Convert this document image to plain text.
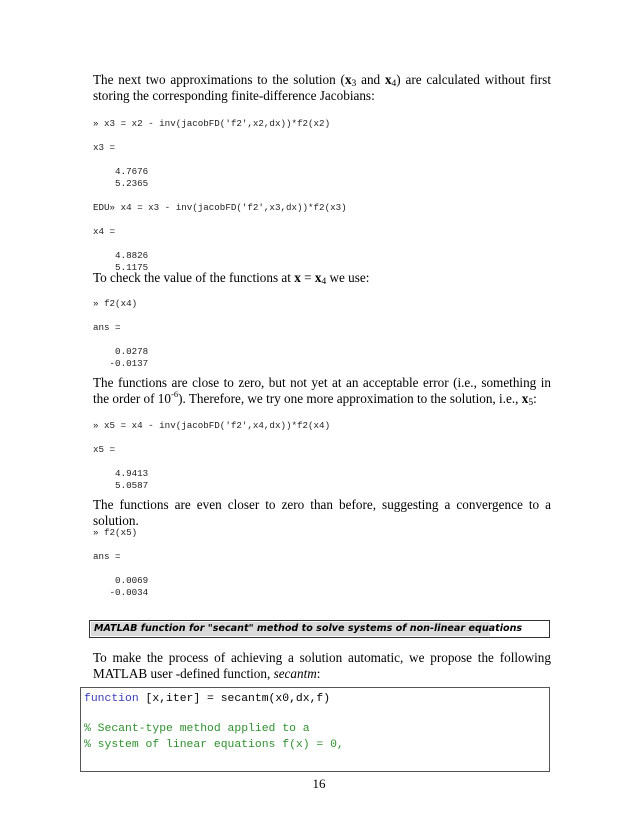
The next two approximations to the solution ($x_3$ and $x_4$) are calculated without first storing the corresponding finite-difference Jacobians:
» x3 = x2 - inv(jacobFD('f2',x2,dx))*f2(x2)

x3 =

4.7676
5.2365

EDU» x4 = x3 - inv(jacobFD('f2',x3,dx))*f2(x3)

x4 =

4.8826
5.1175
To check the value of the functions at $x = x_4$ we use:
» f2(x4)

ans =

0.0278
-0.0137
The functions are close to zero, but not yet at an acceptable error (i.e., something in the order of $10^{-6}$). Therefore, we try one more approximation to the solution, i.e., $x_5$:
» x5 = x4 - inv(jacobFD('f2',x4,dx))*f2(x4)

x5 =

4.9413
5.0587
The functions are even closer to zero than before, suggesting a convergence to a solution.
» f2(x5)

ans =

0.0069
-0.0034
MATLAB function for "secant" method to solve systems of non-linear equations
To make the process of achieving a solution automatic, we propose the following MATLAB user -defined function, secantm:
function [x,iter] = secantm(x0,dx,f)
% Secant-type method applied to a
% system of linear equations f(x) = 0,
16
